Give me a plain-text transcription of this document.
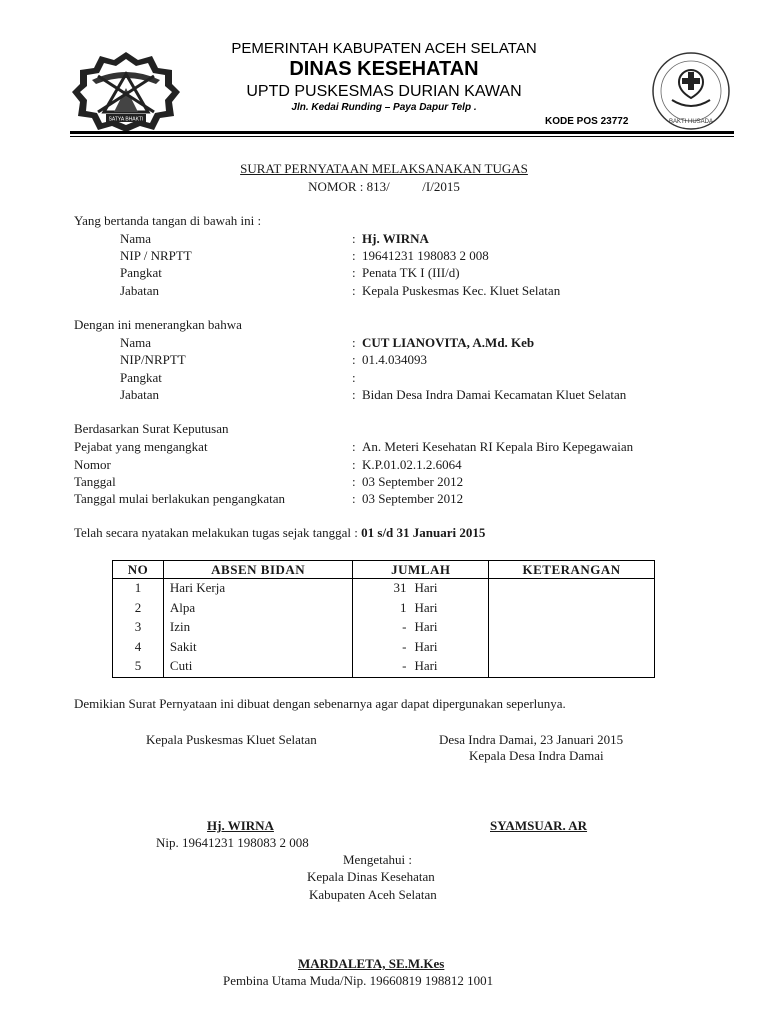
SATYA BHAKTI	BAKTI HUSADA
PEMERINTAH KABUPATEN ACEH SELATAN
DINAS KESEHATAN
UPTD PUSKESMAS DURIAN KAWAN
Jln. Kedai Runding – Paya Dapur Telp .
KODE POS 23772
SURAT PERNYATAAN MELAKSANAKAN TUGAS
NOMOR : 813/          /I/2015
Yang bertanda tangan di bawah ini :
Nama	: Hj. WIRNA
NIP / NRPTT	: 19641231 198083 2 008
Pangkat	: Penata TK I (III/d)
Jabatan	: Kepala Puskesmas Kec. Kluet Selatan
Dengan ini menerangkan bahwa
Nama	: CUT LIANOVITA, A.Md. Keb
NIP/NRPTT	: 01.4.034093
Pangkat	:
Jabatan	: Bidan Desa Indra Damai Kecamatan Kluet Selatan
Berdasarkan Surat Keputusan
Pejabat yang mengangkat	: An. Meteri Kesehatan RI Kepala Biro Kepegawaian
Nomor	: K.P.01.02.1.2.6064
Tanggal	: 03 September 2012
Tanggal mulai berlakukan pengangkatan	: 03 September 2012
Telah secara nyatakan melakukan tugas sejak tanggal : 01 s/d 31 Januari 2015
NO	ABSEN BIDAN	JUMLAH	KETERANGAN
1	Hari Kerja	31 Hari	
2	Alpa	1 Hari	
3	Izin	- Hari	
4	Sakit	- Hari	
5	Cuti	- Hari	

Demikian Surat Pernyataan ini dibuat dengan sebenarnya agar dapat dipergunakan seperlunya.
Kepala Puskesmas Kluet Selatan	Desa Indra Damai, 23 Januari 2015
Kepala Desa Indra Damai
Hj. WIRNA	SYAMSUAR. AR
Nip. 19641231 198083 2 008
Mengetahui :
Kepala Dinas Kesehatan
Kabupaten Aceh Selatan
MARDALETA, SE.M.Kes
Pembina Utama Muda/Nip. 19660819 198812 1001
